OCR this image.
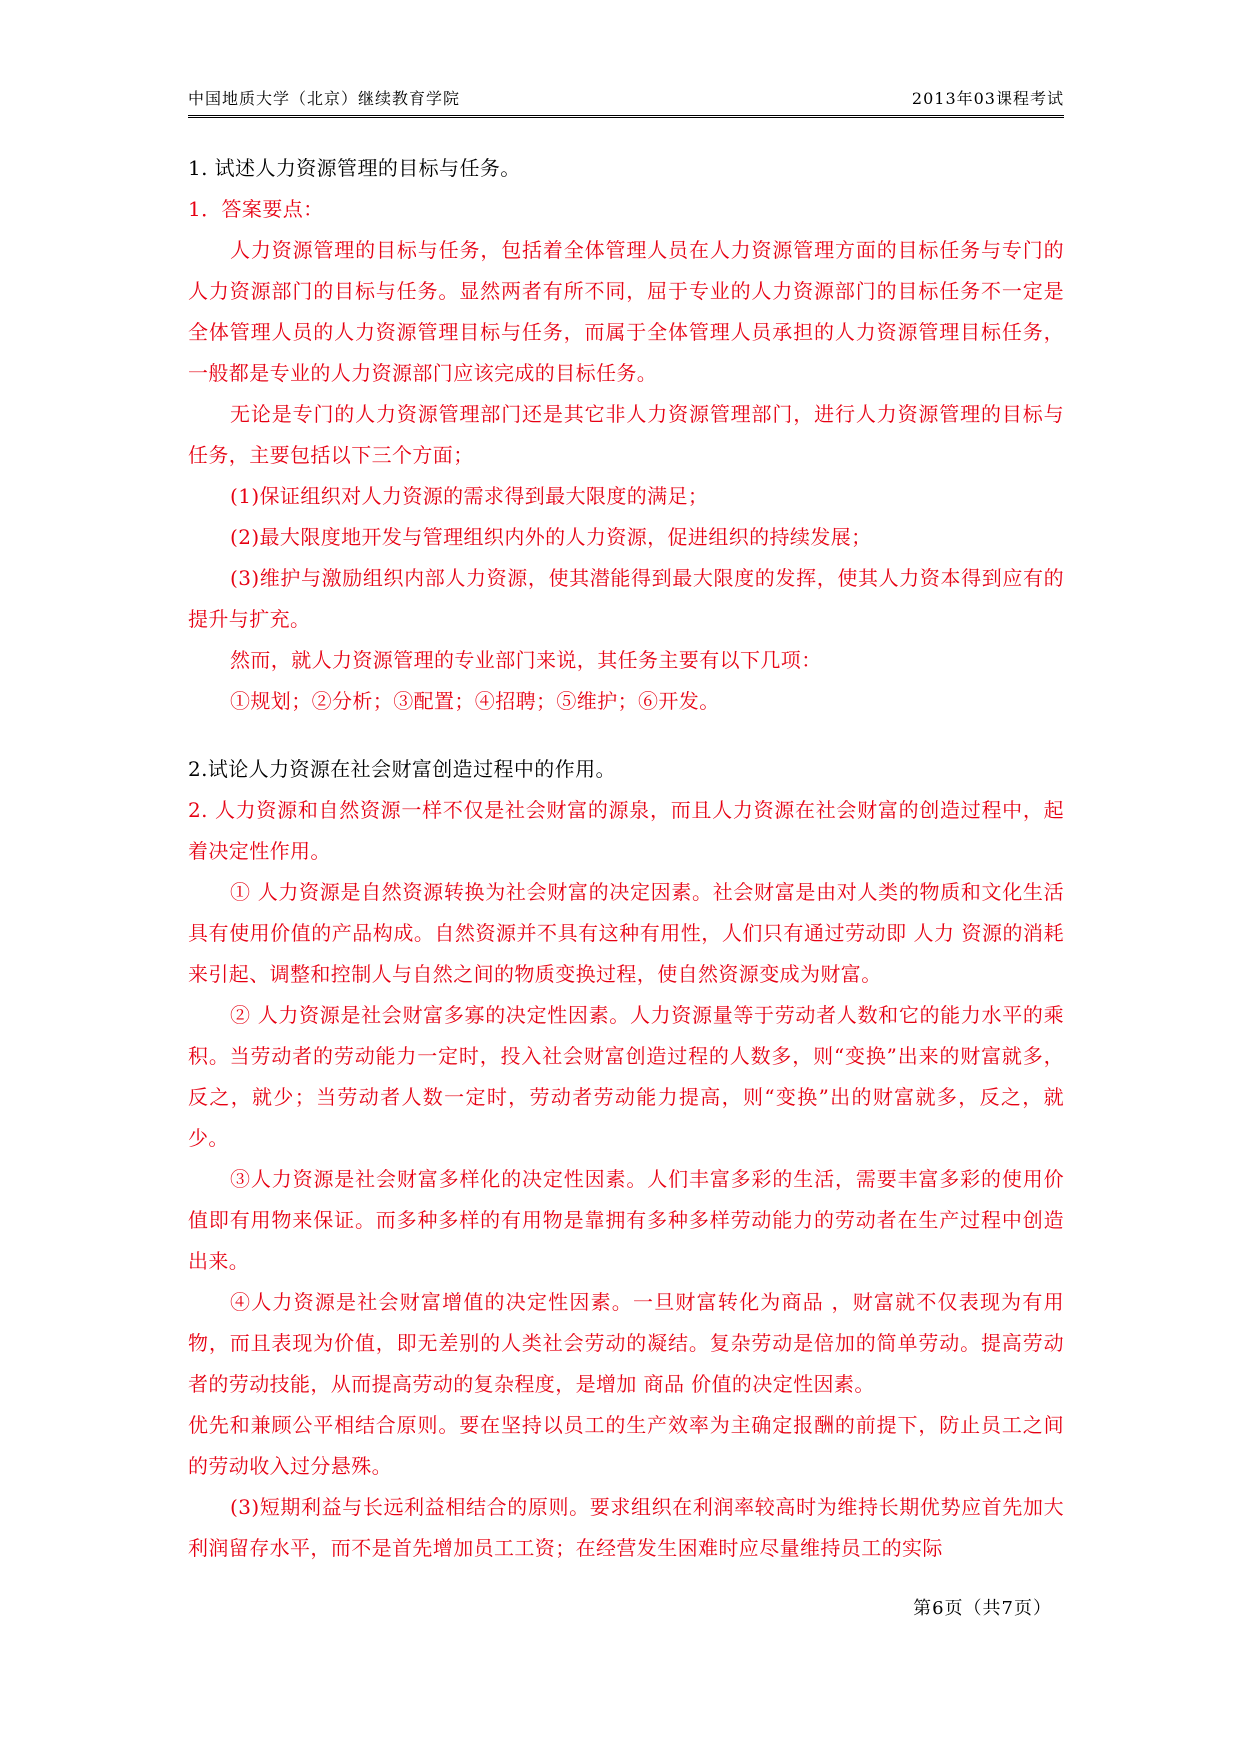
中国地质大学（北京）继续教育学院	2013年03课程考试

1. 试述人力资源管理的目标与任务。

1．答案要点：

人力资源管理的目标与任务，包括着全体管理人员在人力资源管理方面的目标任务与专门的人力资源部门的目标与任务。显然两者有所不同，屈于专业的人力资源部门的目标任务不一定是全体管理人员的人力资源管理目标与任务，而属于全体管理人员承担的人力资源管理目标任务，一般都是专业的人力资源部门应该完成的目标任务。

无论是专门的人力资源管理部门还是其它非人力资源管理部门，进行人力资源管理的目标与任务，主要包括以下三个方面；

(1)保证组织对人力资源的需求得到最大限度的满足；

(2)最大限度地开发与管理组织内外的人力资源，促进组织的持续发展；

(3)维护与激励组织内部人力资源，使其潜能得到最大限度的发挥，使其人力资本得到应有的提升与扩充。

然而，就人力资源管理的专业部门来说，其任务主要有以下几项：

①规划；②分析；③配置；④招聘；⑤维护；⑥开发。

2.试论人力资源在社会财富创造过程中的作用。

2. 人力资源和自然资源一样不仅是社会财富的源泉，而且人力资源在社会财富的创造过程中，起着决定性作用。

① 人力资源是自然资源转换为社会财富的决定因素。社会财富是由对人类的物质和文化生活具有使用价值的产品构成。自然资源并不具有这种有用性，人们只有通过劳动即 人力 资源的消耗来引起、调整和控制人与自然之间的物质变换过程，使自然资源变成为财富。

② 人力资源是社会财富多寡的决定性因素。人力资源量等于劳动者人数和它的能力水平的乘积。当劳动者的劳动能力一定时，投入社会财富创造过程的人数多，则“变换”出来的财富就多，反之，就少；当劳动者人数一定时，劳动者劳动能力提高，则“变换”出的财富就多，反之，就少。

③人力资源是社会财富多样化的决定性因素。人们丰富多彩的生活，需要丰富多彩的使用价值即有用物来保证。而多种多样的有用物是靠拥有多种多样劳动能力的劳动者在生产过程中创造出来。

④人力资源是社会财富增值的决定性因素。一旦财富转化为商品 ，财富就不仅表现为有用物，而且表现为价值，即无差别的人类社会劳动的凝结。复杂劳动是倍加的简单劳动。提高劳动者的劳动技能，从而提高劳动的复杂程度，是增加 商品 价值的决定性因素。

优先和兼顾公平相结合原则。要在坚持以员工的生产效率为主确定报酬的前提下，防止员工之间的劳动收入过分悬殊。

(3)短期利益与长远利益相结合的原则。要求组织在利润率较高时为维持长期优势应首先加大利润留存水平，而不是首先增加员工工资；在经营发生困难时应尽量维持员工的实际

第6页（共7页）
